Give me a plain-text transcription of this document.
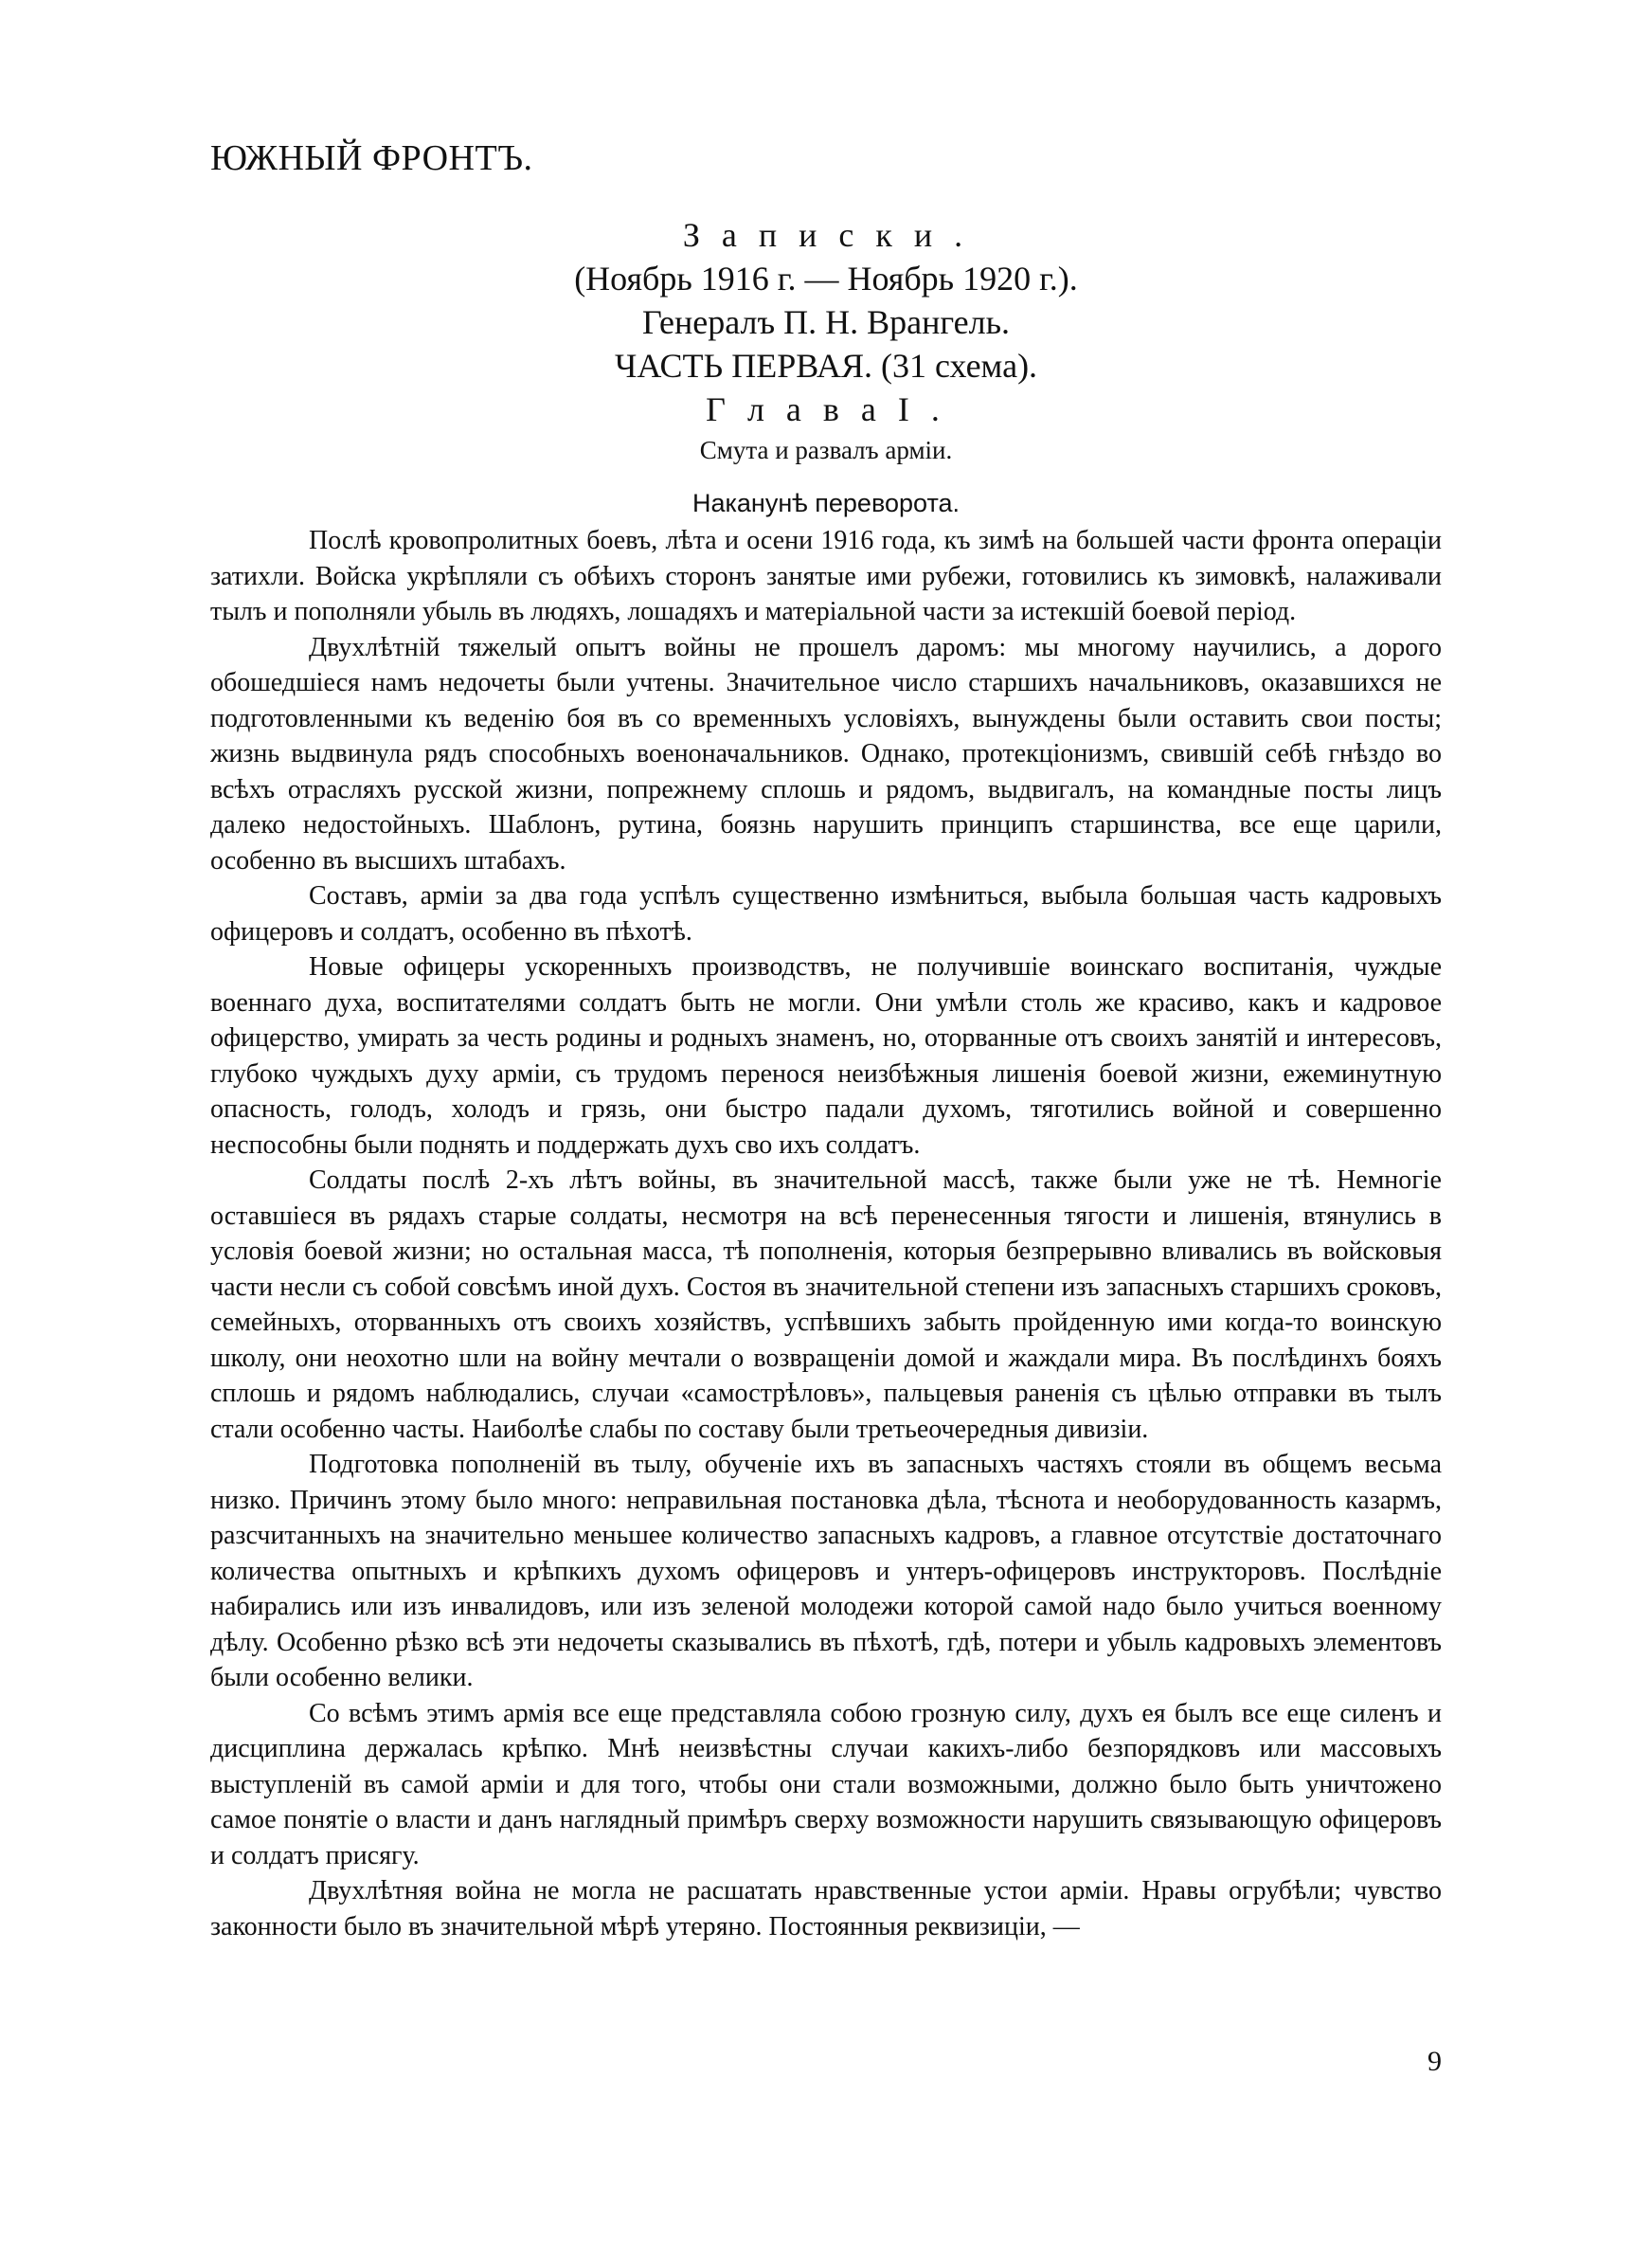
ЮЖНЫЙ ФРОНТЪ.

З а п и с к и .

(Ноябрь 1916 г. — Ноябрь 1920 г.).

Генералъ П. Н. Врангель.

ЧАСТЬ ПЕРВАЯ. (31 схема).

Г л а в а I .

Смута и развалъ арміи.

Наканунѣ переворота.

Послѣ кровопролитных боевъ, лѣта и осени 1916 года, къ зимѣ на большей части фронта операціи затихли. Войска укрѣпляли съ обѣихъ сторонъ занятые ими рубежи, готовились къ зимовкѣ, налаживали тылъ и пополняли убыль въ людяхъ, лошадяхъ и матеріальной части за истекшій боевой період.

Двухлѣтній тяжелый опытъ войны не прошелъ даромъ: мы многому научились, а дорого обошедшіеся намъ недочеты были учтены. Значительное число старшихъ начальниковъ, оказавшихся не подготовленными къ веденію боя въ со временныхъ условіяхъ, вынуждены были оставить свои посты; жизнь выдвинула рядъ способныхъ военоначальников. Однако, протекціонизмъ, свившій себѣ гнѣздо во всѣхъ отрасляхъ русской жизни, попрежнему сплошь и рядомъ, выдвигалъ, на командные посты лицъ далеко недостойныхъ. Шаблонъ, рутина, боязнь нарушить принципъ старшинства, все еще царили, особенно въ высшихъ штабахъ.

Составъ, арміи за два года успѣлъ существенно измѣниться, выбыла большая часть кадровыхъ офицеровъ и солдатъ, особенно въ пѣхотѣ.

Новые офицеры ускоренныхъ производствъ, не получившіе воинскаго воспитанія, чуждые военнаго духа, воспитателями солдатъ быть не могли. Они умѣли столь же красиво, какъ и кадровое офицерство, умирать за честь родины и родныхъ знаменъ, но, оторванные отъ своихъ занятій и интересовъ, глубоко чуждыхъ духу арміи, съ трудомъ перенося неизбѣжныя лишенія боевой жизни, ежеминутную опасность, голодъ, холодъ и грязь, они быстро падали духомъ, тяготились войной и совершенно неспособны были поднять и поддержать духъ сво ихъ солдатъ.

Солдаты послѣ 2-хъ лѣтъ войны, въ значительной массѣ, также были уже не тѣ. Немногіе оставшіеся въ рядахъ старые солдаты, несмотря на всѣ перенесенныя тягости и лишенія, втянулись в условія боевой жизни; но остальная масса, тѣ пополненія, которыя безпрерывно вливались въ войсковыя части несли съ собой совсѣмъ иной духъ. Состоя въ значительной степени изъ запасныхъ старшихъ сроковъ, семейныхъ, оторванныхъ отъ своихъ хозяйствъ, успѣвшихъ забыть пройденную ими когда-то воинскую школу, они неохотно шли на войну мечтали о возвращеніи домой и жаждали мира. Въ послѣдинхъ бояхъ сплошь и рядомъ наблюдались, случаи «самострѣловъ», пальцевыя раненія съ цѣлью отправки въ тылъ стали особенно часты. Наиболѣе слабы по составу были третьеочередныя дивизіи.

Подготовка пополненій въ тылу, обученіе ихъ въ запасныхъ частяхъ стояли въ общемъ весьма низко. Причинъ этому было много: неправильная постановка дѣла, тѣснота и необорудованность казармъ, разсчитанныхъ на значительно меньшее количество запасныхъ кадровъ, а главное отсутствіе достаточнаго количества опытныхъ и крѣпкихъ духомъ офицеровъ и унтеръ-офицеровъ инструкторовъ. Послѣдніе набирались или изъ инвалидовъ, или изъ зеленой молодежи которой самой надо было учиться военному дѣлу. Особенно рѣзко всѣ эти недочеты сказывались въ пѣхотѣ, гдѣ, потери и убыль кадровыхъ элементовъ были особенно велики.

Со всѣмъ этимъ армія все еще представляла собою грозную силу, духъ ея былъ все еще силенъ и дисциплина держалась крѣпко. Мнѣ неизвѣстны случаи какихъ-либо безпорядковъ или массовыхъ выступленій въ самой арміи и для того, чтобы они стали возможными, должно было быть уничтожено самое понятіе о власти и данъ наглядный примѣръ сверху возможности нарушить связывающую офицеровъ и солдатъ присягу.

Двухлѣтняя война не могла не расшатать нравственные устои арміи. Нравы огрубѣли; чувство законности было въ значительной мѣрѣ утеряно. Постоянныя реквизиціи, —

9
